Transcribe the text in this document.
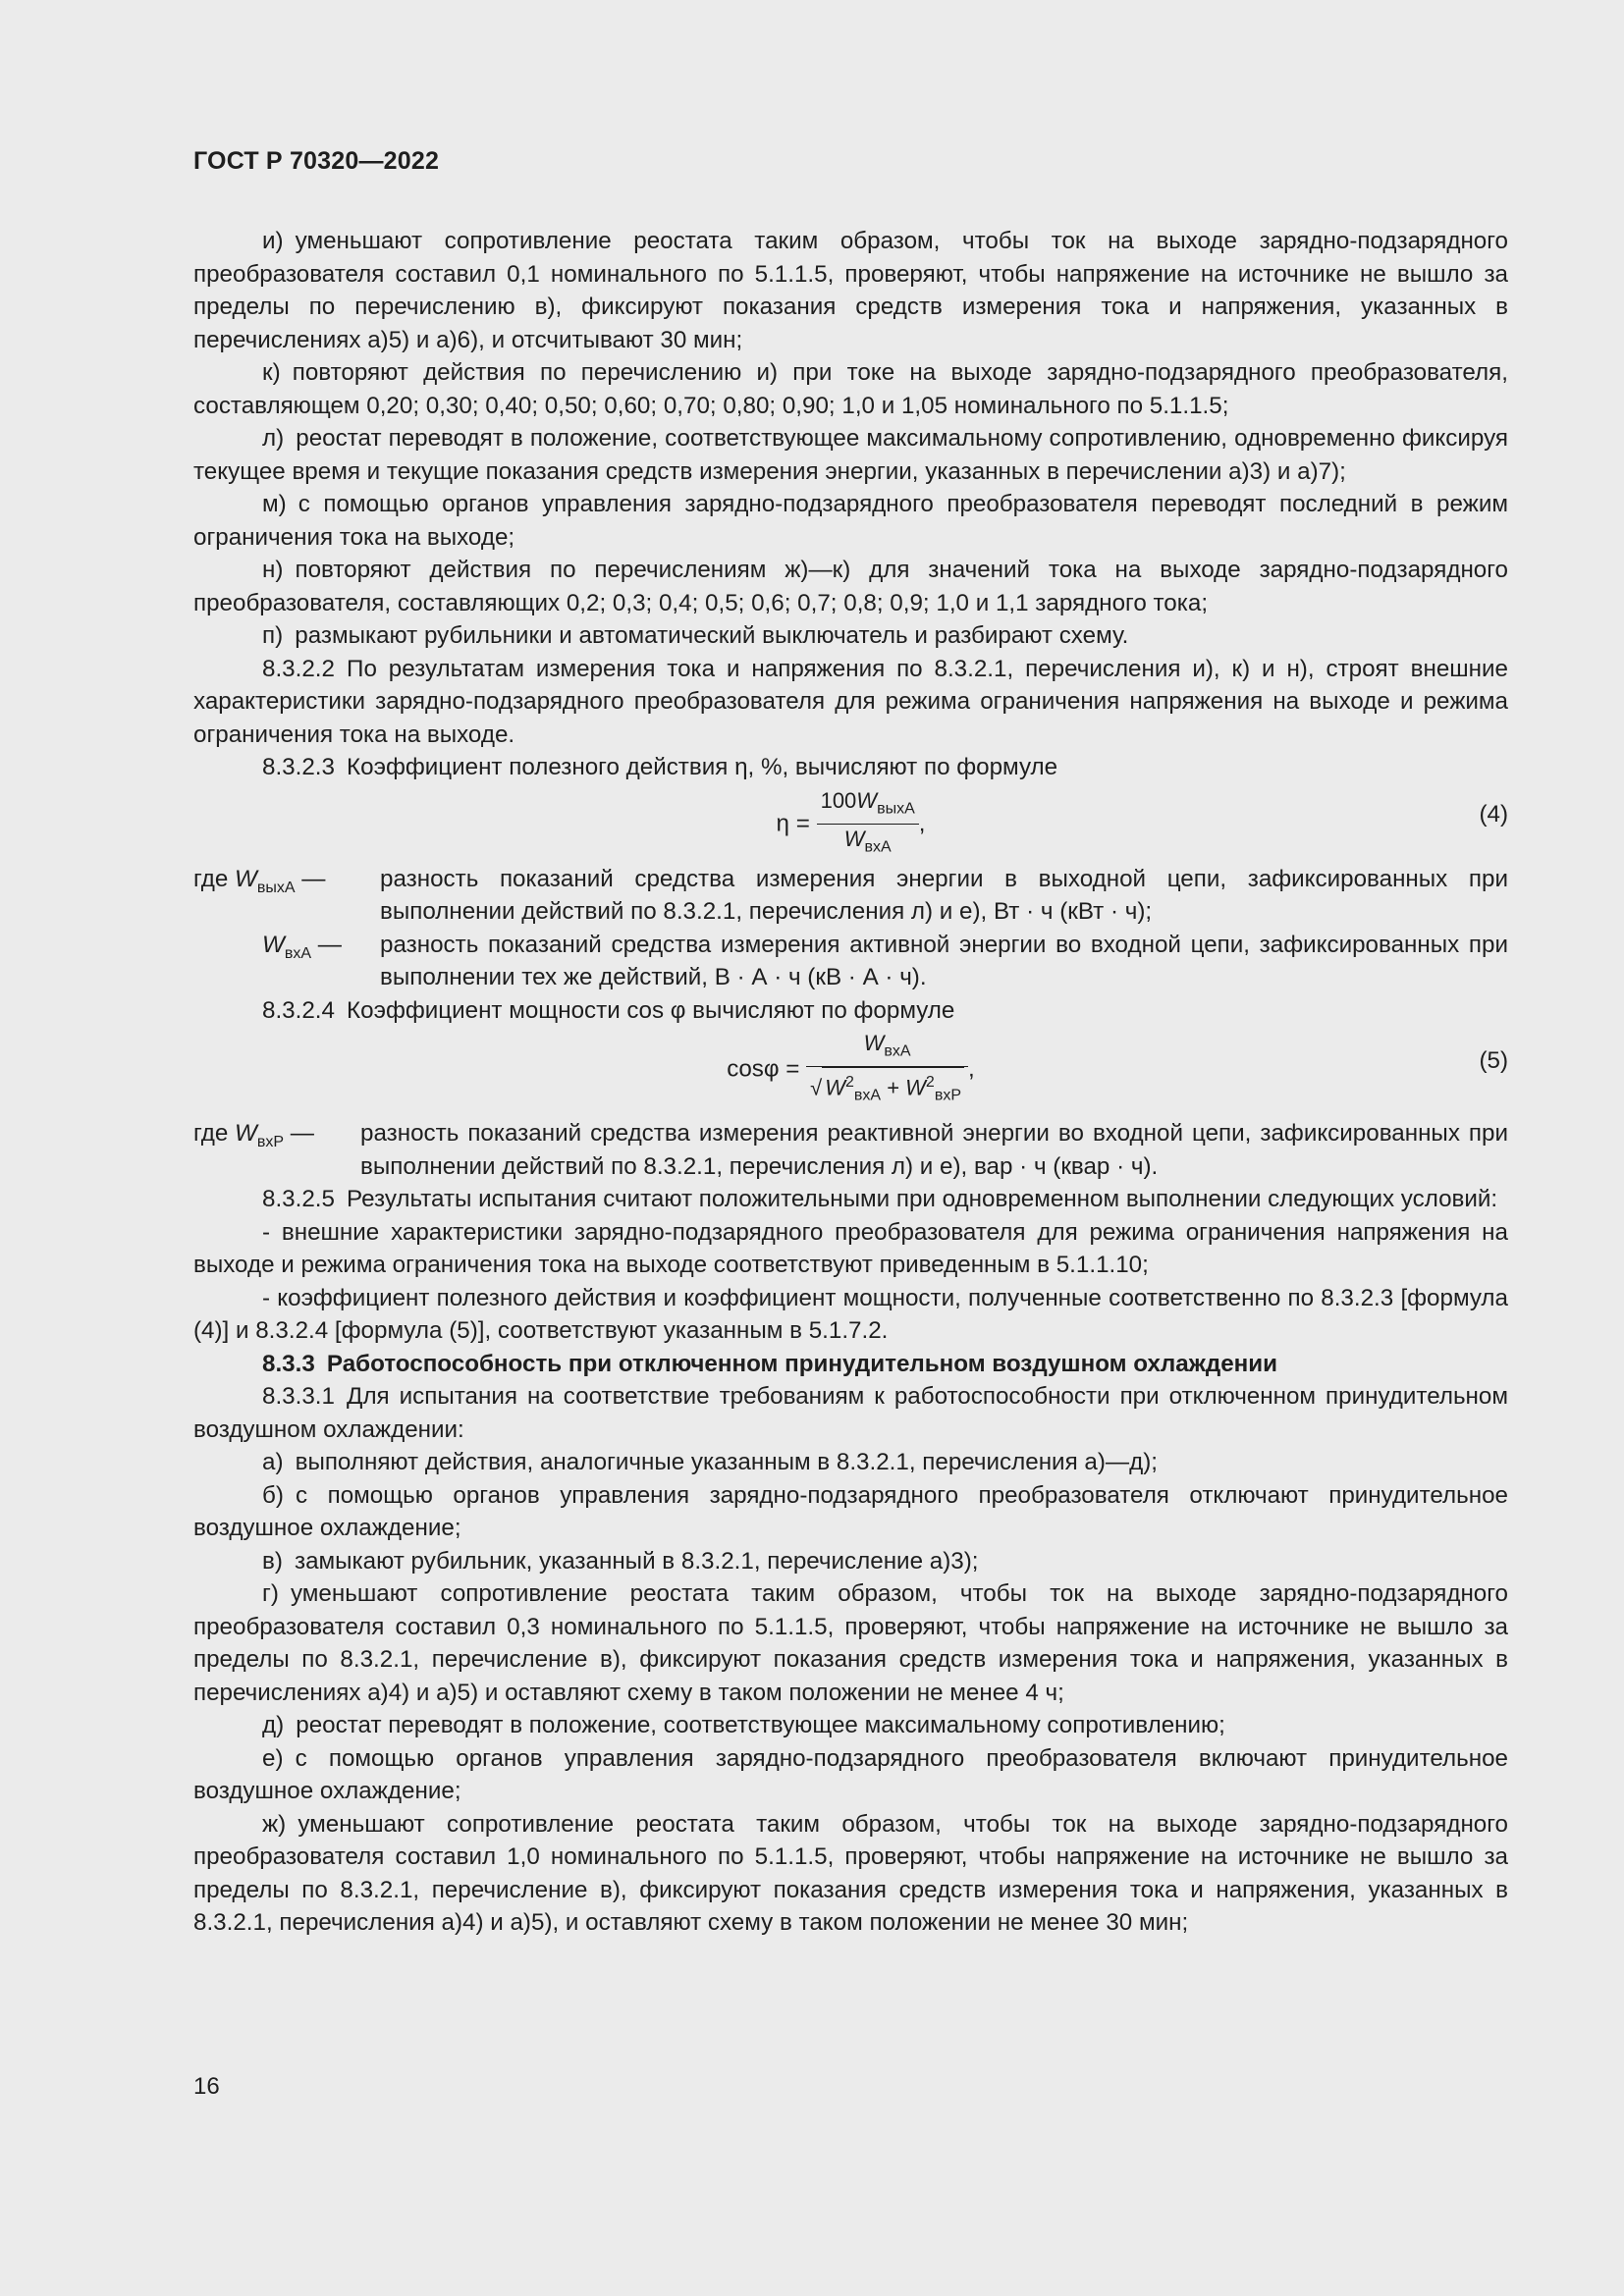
ГОСТ Р 70320—2022

и) уменьшают сопротивление реостата таким образом, чтобы ток на выходе зарядно-подзарядного преобразователя составил 0,1 номинального по 5.1.1.5, проверяют, чтобы напряжение на источнике не вышло за пределы по перечислению в), фиксируют показания средств измерения тока и напряжения, указанных в перечислениях а)5) и а)6), и отсчитывают 30 мин;

к) повторяют действия по перечислению и) при токе на выходе зарядно-подзарядного преобразователя, составляющем 0,20; 0,30; 0,40; 0,50; 0,60; 0,70; 0,80; 0,90; 1,0 и 1,05 номинального по 5.1.1.5;

л) реостат переводят в положение, соответствующее максимальному сопротивлению, одновременно фиксируя текущее время и текущие показания средств измерения энергии, указанных в перечислении а)3) и а)7);

м) с помощью органов управления зарядно-подзарядного преобразователя переводят последний в режим ограничения тока на выходе;

н) повторяют действия по перечислениям ж)—к) для значений тока на выходе зарядно-подзарядного преобразователя, составляющих 0,2; 0,3; 0,4; 0,5; 0,6; 0,7; 0,8; 0,9; 1,0 и 1,1 зарядного тока;

п) размыкают рубильники и автоматический выключатель и разбирают схему.

8.3.2.2 По результатам измерения тока и напряжения по 8.3.2.1, перечисления и), к) и н), строят внешние характеристики зарядно-подзарядного преобразователя для режима ограничения напряжения на выходе и режима ограничения тока на выходе.

8.3.2.3 Коэффициент полезного действия η, %, вычисляют по формуле

$\eta = \frac{100W_{выхА}}{W_{вхА}}$ ,	(4)
где $W_{выхА}$ —	разность показаний средства измерения энергии в выходной цепи, зафиксированных при выполнении действий по 8.3.2.1, перечисления л) и е), Вт · ч (кВт · ч);
$W_{вхА}$ —	разность показаний средства измерения активной энергии во входной цепи, зафиксированных при выполнении тех же действий, В · А · ч (кВ · А · ч).

8.3.2.4 Коэффициент мощности cos φ вычисляют по формуле

$\cos\varphi = \frac{W_{вхА}}{√ W^2_{вхА} + W^2_{вхР}}$ ,	(5)
где $W_{вхР}$ —	разность показаний средства измерения реактивной энергии во входной цепи, зафиксированных при выполнении действий по 8.3.2.1, перечисления л) и е), вар · ч (квар · ч).

8.3.2.5 Результаты испытания считают положительными при одновременном выполнении следующих условий:

- внешние характеристики зарядно-подзарядного преобразователя для режима ограничения напряжения на выходе и режима ограничения тока на выходе соответствуют приведенным в 5.1.1.10;

- коэффициент полезного действия и коэффициент мощности, полученные соответственно по 8.3.2.3 [формула (4)] и 8.3.2.4 [формула (5)], соответствуют указанным в 5.1.7.2.

8.3.3 Работоспособность при отключенном принудительном воздушном охлаждении

8.3.3.1 Для испытания на соответствие требованиям к работоспособности при отключенном принудительном воздушном охлаждении:

а) выполняют действия, аналогичные указанным в 8.3.2.1, перечисления а)—д);

б) с помощью органов управления зарядно-подзарядного преобразователя отключают принудительное воздушное охлаждение;

в) замыкают рубильник, указанный в 8.3.2.1, перечисление а)3);

г) уменьшают сопротивление реостата таким образом, чтобы ток на выходе зарядно-подзарядного преобразователя составил 0,3 номинального по 5.1.1.5, проверяют, чтобы напряжение на источнике не вышло за пределы по 8.3.2.1, перечисление в), фиксируют показания средств измерения тока и напряжения, указанных в перечислениях а)4) и а)5) и оставляют схему в таком положении не менее 4 ч;

д) реостат переводят в положение, соответствующее максимальному сопротивлению;

е) с помощью органов управления зарядно-подзарядного преобразователя включают принудительное воздушное охлаждение;

ж) уменьшают сопротивление реостата таким образом, чтобы ток на выходе зарядно-подзарядного преобразователя составил 1,0 номинального по 5.1.1.5, проверяют, чтобы напряжение на источнике не вышло за пределы по 8.3.2.1, перечисление в), фиксируют показания средств измерения тока и напряжения, указанных в 8.3.2.1, перечисления а)4) и а)5), и оставляют схему в таком положении не менее 30 мин;

16
